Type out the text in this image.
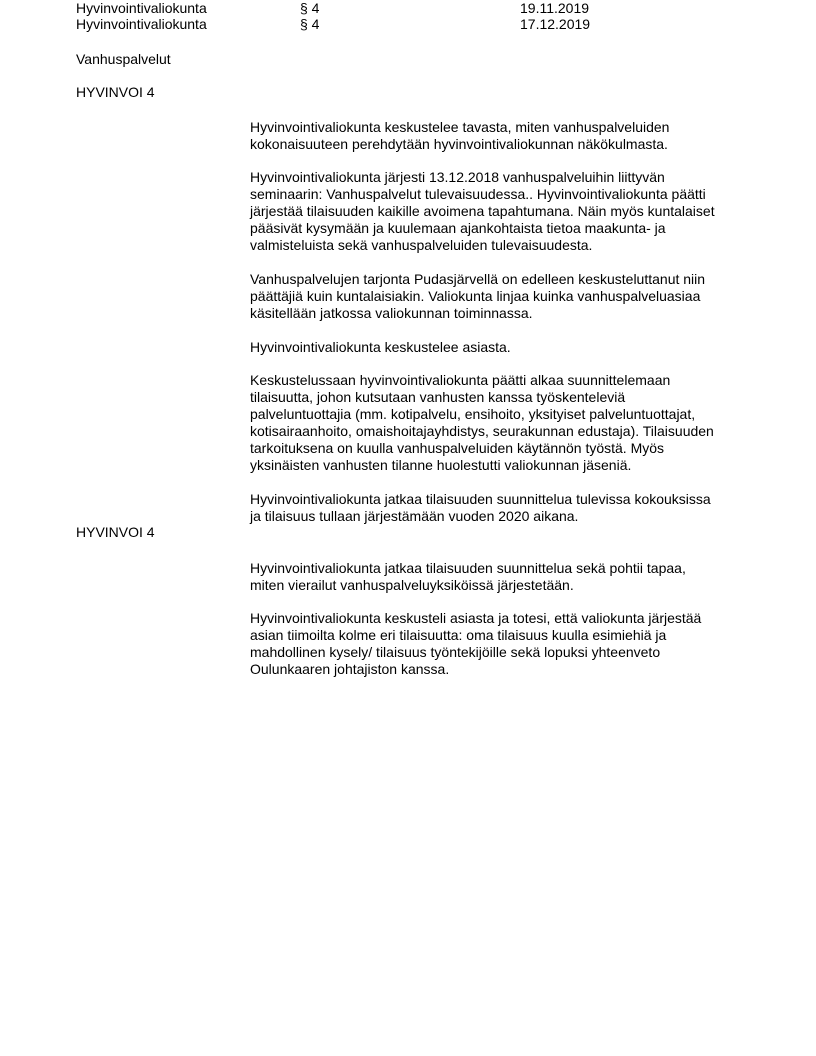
Hyvinvointivaliokunta	§ 4	19.11.2019
Hyvinvointivaliokunta	§ 4	17.12.2019
Vanhuspalvelut
HYVINVOI 4
HYVINVOI 4

Hyvinvointivaliokunta keskustelee tavasta, miten vanhuspalveluiden
kokonaisuuteen perehdytään hyvinvointivaliokunnan näkökulmasta.

Hyvinvointivaliokunta järjesti 13.12.2018 vanhuspalveluihin liittyvän
seminaarin: Vanhuspalvelut tulevaisuudessa.. Hyvinvointivaliokunta päätti
järjestää tilaisuuden kaikille avoimena tapahtumana. Näin myös kuntalaiset
pääsivät kysymään ja kuulemaan ajankohtaista tietoa maakunta- ja
valmisteluista sekä vanhuspalveluiden tulevaisuudesta.

Vanhuspalvelujen tarjonta Pudasjärvellä on edelleen keskusteluttanut niin
päättäjiä kuin kuntalaisiakin. Valiokunta linjaa kuinka vanhuspalveluasiaa
käsitellään jatkossa valiokunnan toiminnassa.

Hyvinvointivaliokunta keskustelee asiasta.

Keskustelussaan hyvinvointivaliokunta päätti alkaa suunnittelemaan
tilaisuutta, johon kutsutaan vanhusten kanssa työskenteleviä
palveluntuottajia (mm. kotipalvelu, ensihoito, yksityiset palveluntuottajat,
kotisairaanhoito, omaishoitajayhdistys, seurakunnan edustaja). Tilaisuuden
tarkoituksena on kuulla vanhuspalveluiden käytännön työstä. Myös
yksinäisten vanhusten tilanne huolestutti valiokunnan jäseniä.

Hyvinvointivaliokunta jatkaa tilaisuuden suunnittelua tulevissa kokouksissa
ja tilaisuus tullaan järjestämään vuoden 2020 aikana.

Hyvinvointivaliokunta jatkaa tilaisuuden suunnittelua sekä pohtii tapaa,
miten vierailut vanhuspalveluyksiköissä järjestetään.

Hyvinvointivaliokunta keskusteli asiasta ja totesi, että valiokunta järjestää
asian tiimoilta kolme eri tilaisuutta: oma tilaisuus kuulla esimiehiä ja
mahdollinen kysely/ tilaisuus työntekijöille sekä lopuksi yhteenveto
Oulunkaaren johtajiston kanssa.
